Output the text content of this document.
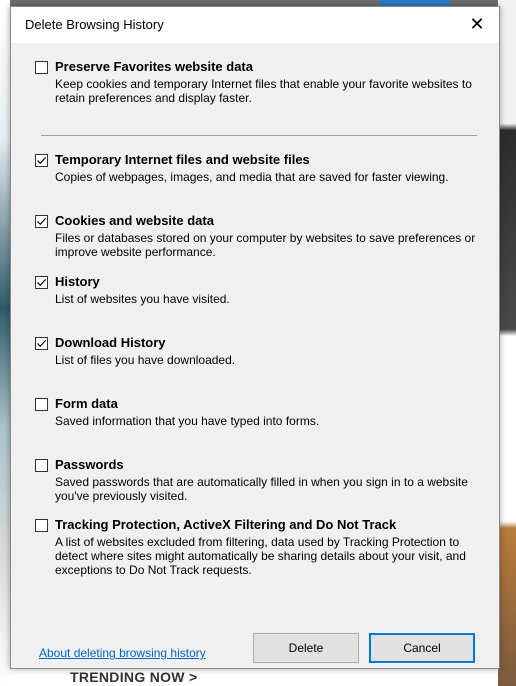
TRENDING NOW >
Delete Browsing History	✕
Preserve Favorites website data
Keep cookies and temporary Internet files that enable your favorite websites to retain preferences and display faster.
Temporary Internet files and website files
Copies of webpages, images, and media that are saved for faster viewing.
Cookies and website data
Files or databases stored on your computer by websites to save preferences or improve website performance.
History
List of websites you have visited.
Download History
List of files you have downloaded.
Form data
Saved information that you have typed into forms.
Passwords
Saved passwords that are automatically filled in when you sign in to a website you've previously visited.
Tracking Protection, ActiveX Filtering and Do Not Track
A list of websites excluded from filtering, data used by Tracking Protection to detect where sites might automatically be sharing details about your visit, and exceptions to Do Not Track requests.
About deleting browsing history	Delete	Cancel
